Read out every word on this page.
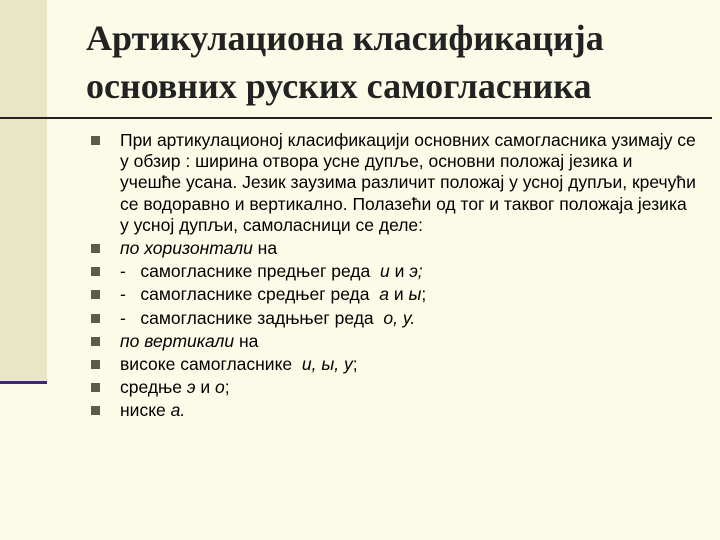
Артикулациона класификација
основних руских самогласника

При артикулационој класификацији основних самогласника узимају се у обзир : ширина отвора усне дупље, основни положај језика и учешће усана. Језик заузима различит положај у усној дупљи, кречући се водоравно и вертикално. Полазећи од тог и таквог положаја језика у усној дупљи, самоласници се деле:

по хоризонтали на

-   самогласнике предњег реда  и и э;

-   самогласнике средњег реда  а и ы;

-   самогласнике задњњег реда  о, у.

по вертикали на

високе самогласнике  и, ы, у;

средње э и о;

ниске а.
